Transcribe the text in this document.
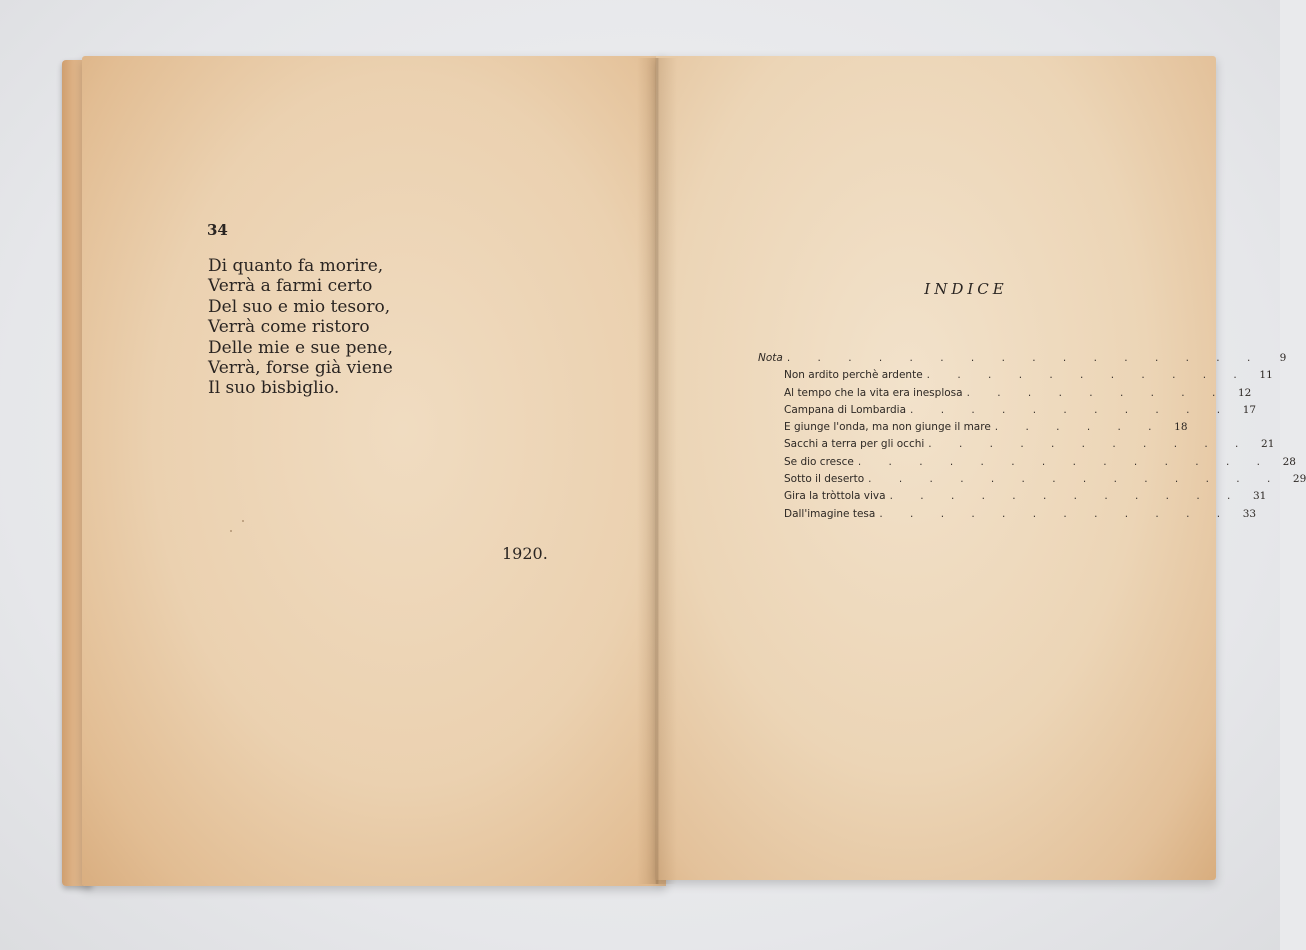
34
Di quanto fa morire,
Verrà a farmi certo
Del suo e mio tesoro,
Verrà come ristoro
Delle mie e sue pene,
Verrà, forse già viene
Il suo bisbiglio.
1920.
INDICE
Nota . . . . . . . . . . . . . . . .	9
Non ardito perchè ardente . . . . . . . . . . .	11
Al tempo che la vita era inesplosa . . . . . . . . .	12
Campana di Lombardia . . . . . . . . . . .	17
E giunge l'onda, ma non giunge il mare . . . . . .	18
Sacchi a terra per gli occhi . . . . . . . . . . .	21
Se dio cresce . . . . . . . . . . . . . .	28
Sotto il deserto . . . . . . . . . . . . . .	29
Gira la tròttola viva . . . . . . . . . . . .	31
Dall'imagine tesa . . . . . . . . . . . .	33
